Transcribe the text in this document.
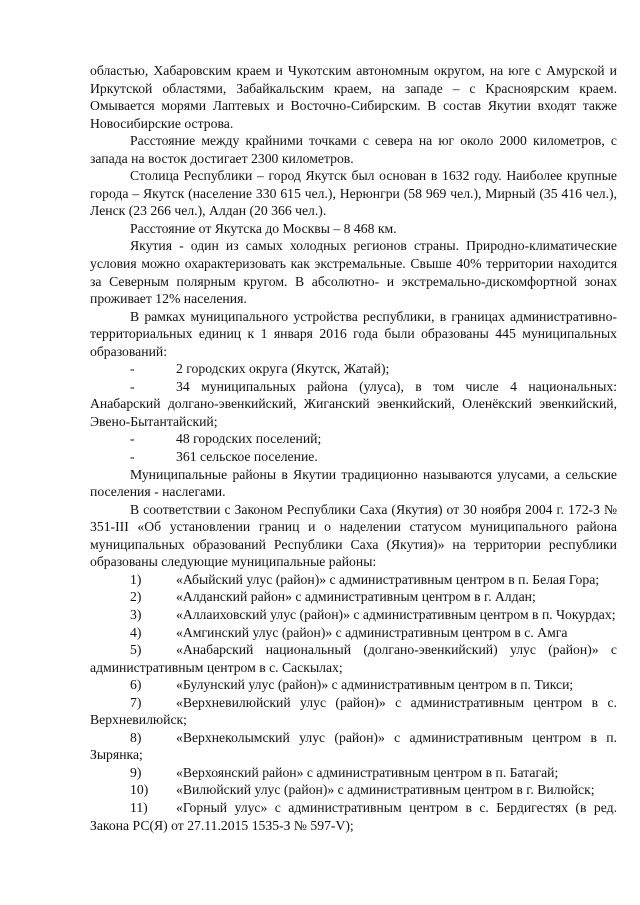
областью, Хабаровским краем и Чукотским автономным округом, на юге с Амурской и Иркутской областями, Забайкальским краем, на западе – с Красноярским краем. Омывается морями Лаптевых и Восточно-Сибирским. В состав Якутии входят также Новосибирские острова.

Расстояние между крайними точками с севера на юг около 2000 километров, с запада на восток достигает 2300 километров.

Столица Республики – город Якутск был основан в 1632 году. Наиболее крупные города – Якутск (население 330 615 чел.), Нерюнгри (58 969 чел.), Мирный (35 416 чел.), Ленск (23 266 чел.), Алдан (20 366 чел.).

Расстояние от Якутска до Москвы – 8 468 км.

Якутия - один из самых холодных регионов страны. Природно-климатические условия можно охарактеризовать как экстремальные. Свыше 40% территории находится за Северным полярным кругом. В абсолютно- и экстремально-дискомфортной зонах проживает 12% населения.

В рамках муниципального устройства республики, в границах административно-территориальных единиц к 1 января 2016 года были образованы 445 муниципальных образований:

-	2 городских округа (Якутск, Жатай);

-	34 муниципальных района (улуса), в том числе 4 национальных: Анабарский долгано-эвенкийский, Жиганский эвенкийский, Оленёкский эвенкийский, Эвено-Бытантайский;

-	48 городских поселений;

-	361 сельское поселение.

Муниципальные районы в Якутии традиционно называются улусами, а сельские поселения - наслегами.

В соответствии с Законом Республики Саха (Якутия) от 30 ноября 2004 г. 172-З № 351-III «Об установлении границ и о наделении статусом муниципального района муниципальных образований Республики Саха (Якутия)» на территории республики образованы следующие муниципальные районы:

1)	«Абыйский улус (район)» с административным центром в п. Белая Гора;

2)	«Алданский район» с административным центром в г. Алдан;

3)	«Аллаиховский улус (район)» с административным центром в п. Чокурдах;

4)	«Амгинский улус (район)» с административным центром в с. Амга

5)	«Анабарский национальный (долгано-эвенкийский) улус (район)» с административным центром в с. Саскылах;

6)	«Булунский улус (район)» с административным центром в п. Тикси;

7)	«Верхневилюйский улус (район)» с административным центром в с. Верхневилюйск;

8)	«Верхнеколымский улус (район)» с административным центром в п. Зырянка;

9)	«Верхоянский район» с административным центром в п. Батагай;

10) «Вилюйский улус (район)» с административным центром в г. Вилюйск;

11) «Горный улус» с административным центром в с. Бердигестях (в ред. Закона РС(Я) от 27.11.2015 1535-З № 597-V);
